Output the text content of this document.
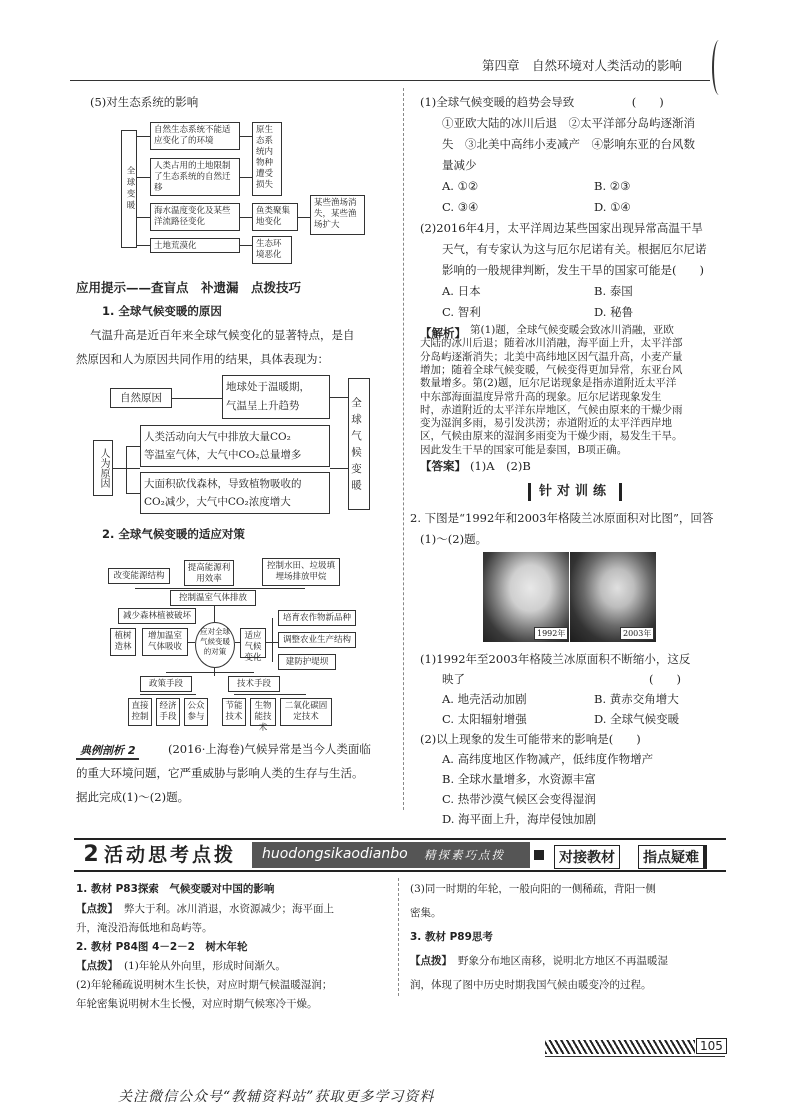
第四章　自然环境对人类活动的影响
(5)对生态系统的影响
全球变暖
自然生态系统不能适应变化了的环境
人类占用的土地限制了生态系统的自然迁移
海水温度变化及某些洋流路径变化
土地荒漠化
原生态系统内物种遭受损失
鱼类聚集地变化
生态环境恶化
某些渔场消失，某些渔场扩大
应用提示——查盲点　补遗漏　点拨技巧
1. 全球气候变暖的原因
气温升高是近百年来全球气候变化的显著特点，是自
然原因和人为原因共同作用的结果，具体表现为：
自然原因
地球处于温暖期，
气温呈上升趋势
人为原因
人类活动向大气中排放大量CO₂
等温室气体，大气中CO₂总量增多
大面积砍伐森林，导致植物吸收的
CO₂减少，大气中CO₂浓度增大
全球气候变暖
2. 全球气候变暖的适应对策
改变能源结构
提高能源利用效率
控制水田、垃圾填埋场排放甲烷
控制温室气体排放
减少森林植被破坏
植树造林
增加温室气体吸收
应对全球气候变暖的对策
适应气候变化
培育农作物新品种
调整农业生产结构
建防护堤坝
政策手段	技术手段
直接控制
经济手段
公众参与
节能技术
生物能技术
二氧化碳固定技术
典例剖析 2	(2016·上海卷)气候异常是当今人类面临
的重大环境问题，它严重威胁与影响人类的生存与生活。
据此完成(1)～(2)题。
(1)全球气候变暖的趋势会导致　　　　　(　　)
①亚欧大陆的冰川后退　②太平洋部分岛屿逐渐消
失　③北美中高纬小麦减产　④影响东亚的台风数
量减少
A. ①②	B. ②③
C. ③④	D. ①④
(2)2016年4月，太平洋周边某些国家出现异常高温干旱
天气，有专家认为这与厄尔尼诺有关。根据厄尔尼诺
影响的一般规律判断，发生干旱的国家可能是(　　)
A. 日本	B. 泰国
C. 智利	D. 秘鲁
【解析】 第(1)题，全球气候变暖会致冰川消融，亚欧
大陆的冰川后退；随着冰川消融，海平面上升，太平洋部
分岛屿逐渐消失；北美中高纬地区因气温升高，小麦产量
增加；随着全球气候变暖，气候变得更加异常，东亚台风
数量增多。第(2)题，厄尔尼诺现象是指赤道附近太平洋
中东部海面温度异常升高的现象。厄尔尼诺现象发生
时，赤道附近的太平洋东岸地区，气候由原来的干燥少雨
变为湿润多雨，易引发洪涝；赤道附近的太平洋西岸地
区，气候由原来的湿润多雨变为干燥少雨，易发生干旱。
因此发生干旱的国家可能是泰国，B项正确。
【答案】 (1)A　(2)B
针对训练
2. 下图是“1992年和2003年格陵兰冰原面积对比图”，回答
(1)～(2)题。
1992年	2003年
(1)1992年至2003年格陵兰冰原面积不断缩小，这反
映了　　　　　　　　　　　　　　　　(　　)
A. 地壳活动加剧	B. 黄赤交角增大
C. 太阳辐射增强	D. 全球气候变暖
(2)以上现象的发生可能带来的影响是(　　)
A. 高纬度地区作物减产，低纬度作物增产
B. 全球水量增多，水资源丰富
C. 热带沙漠气候区会变得湿润
D. 海平面上升，海岸侵蚀加剧
2 活动思考点拨 huodongsikaodianbo 精探素巧点拨	对接教材	指点疑难
1. 教材 P83探索　气候变暖对中国的影响
【点拨】 弊大于利。冰川消退，水资源减少；海平面上
升，淹没沿海低地和岛屿等。
2. 教材 P84图 4－2－2　树木年轮
【点拨】 (1)年轮从外向里，形成时间渐久。
(2)年轮稀疏说明树木生长快，对应时期气候温暖湿润；
年轮密集说明树木生长慢，对应时期气候寒冷干燥。
(3)同一时期的年轮，一般向阳的一侧稀疏，背阳一侧
密集。
3. 教材 P89思考
【点拨】 野象分布地区南移，说明北方地区不再温暖湿
润，体现了图中历史时期我国气候由暖变冷的过程。
105
关注微信公众号“教辅资料站”获取更多学习资料
